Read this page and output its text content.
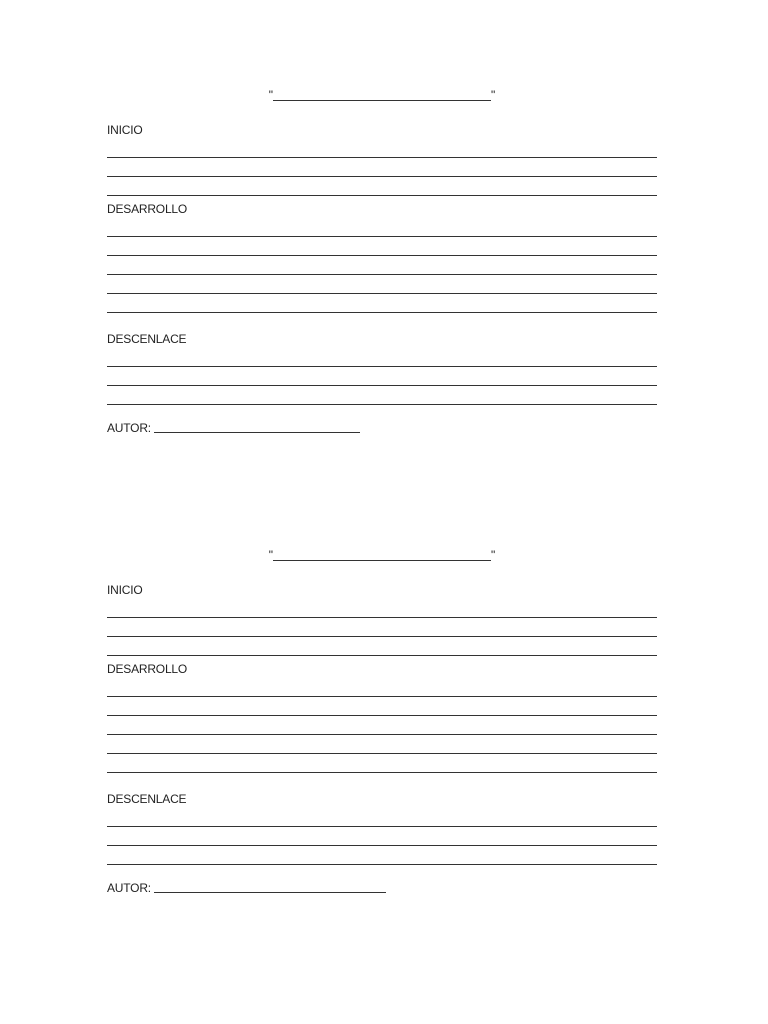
"	"

INICIO

DESARROLLO

DESCENLACE

AUTOR:
"	"

INICIO

DESARROLLO

DESCENLACE

AUTOR:
